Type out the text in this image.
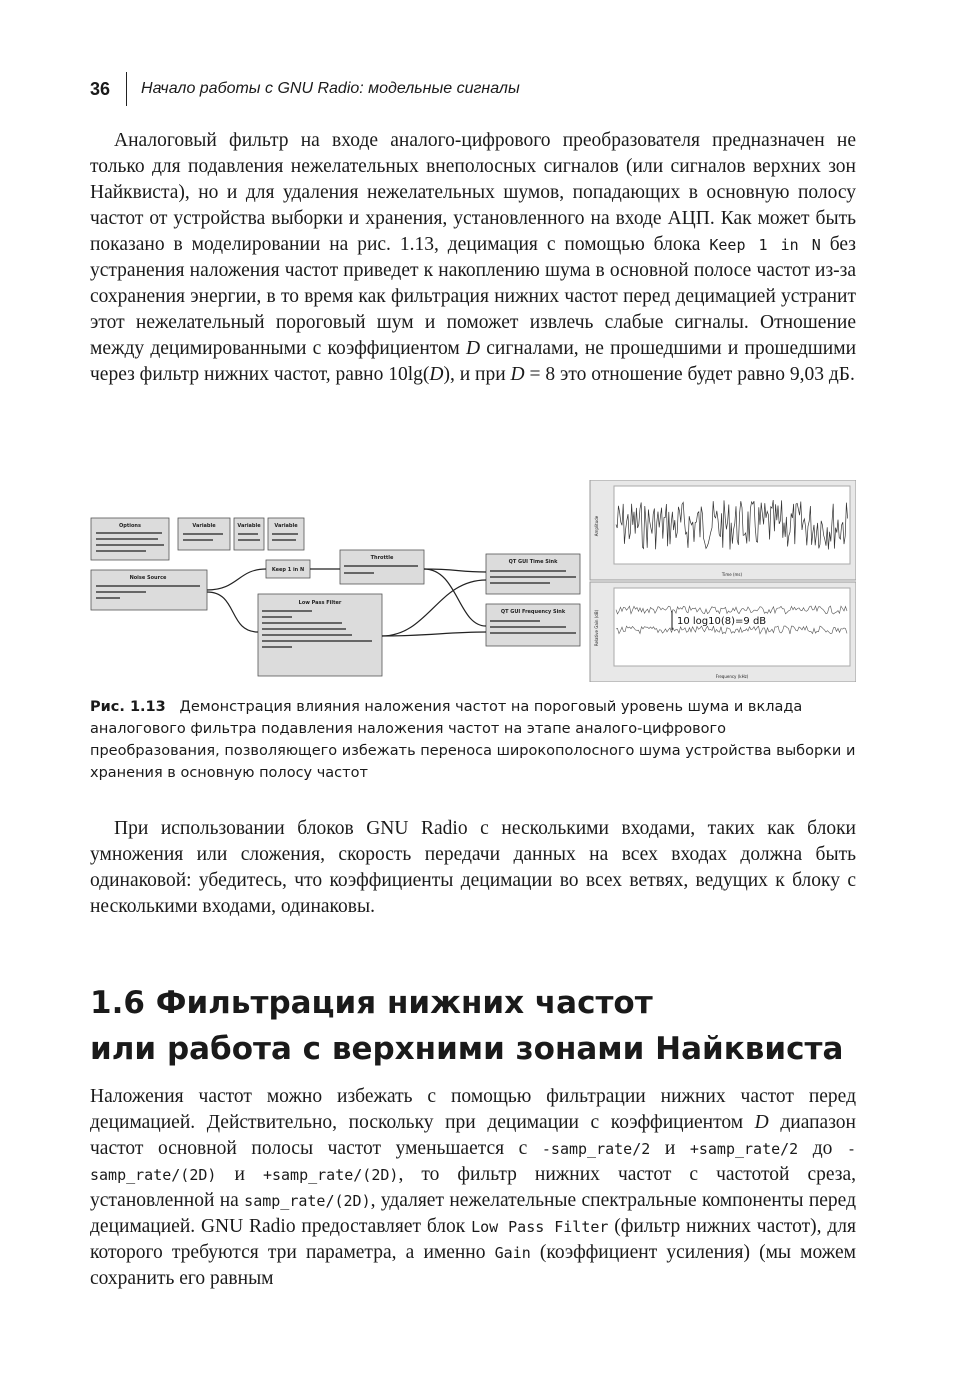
36 Начало работы с GNU Radio: модельные сигналы

Аналоговый фильтр на входе аналого-цифрового преобразователя предназначен не только для подавления нежелательных внеполосных сигналов (или сигналов верхних зон Найквиста), но и для удаления нежелательных шумов, попадающих в основную полосу частот от устройства выборки и хранения, установленного на входе АЦП. Как может быть показано в моделировании на рис. 1.13, децимация с помощью блока Keep 1 in N без устранения наложения частот приведет к накоплению шума в основной полосе частот из-за сохранения энергии, в то время как фильтрация нижних частот перед децимацией устранит этот нежелательный пороговый шум и поможет извлечь слабые сигналы. Отношение между децимированными с коэффициентом D сигналами, не прошедшими и прошедшими через фильтр нижних частот, равно 10lg(D), и при D = 8 это отношение будет равно 9,03 дБ.

Options	Variable	Variable	Variable
Noise Source
Keep 1 in N
Throttle
Low Pass Filter
QT GUI Time Sink
QT GUI Frequency Sink
Time (ms)
Amplitude
10 log10(8)=9 dB
Frequency (kHz)
Relative Gain (dB)

Рис. 1.13 Демонстрация влияния наложения частот на пороговый уровень шума и вклада аналогового фильтра подавления наложения частот на этапе аналого-цифрового преобразования, позволяющего избежать переноса широкополосного шума устройства выборки и хранения в основную полосу частот

При использовании блоков GNU Radio с несколькими входами, таких как блоки умножения или сложения, скорость передачи данных на всех входах должна быть одинаковой: убедитесь, что коэффициенты децимации во всех ветвях, ведущих к блоку с несколькими входами, одинаковы.

1.6 Фильтрация нижних частот
или работа с верхними зонами Найквиста

Наложения частот можно избежать с помощью фильтрации нижних частот перед децимацией. Действительно, поскольку при децимации с коэффициентом D диапазон частот основной полосы частот уменьшается с -samp_rate/2 и +samp_rate/2 до -samp_rate/(2D) и +samp_rate/(2D), то фильтр нижних частот с частотой среза, установленной на samp_rate/(2D), удаляет нежелательные спектральные компоненты перед децимацией. GNU Radio предоставляет блок Low Pass Filter (фильтр нижних частот), для которого требуются три параметра, а именно Gain (коэффициент усиления) (мы можем сохранить его равным
